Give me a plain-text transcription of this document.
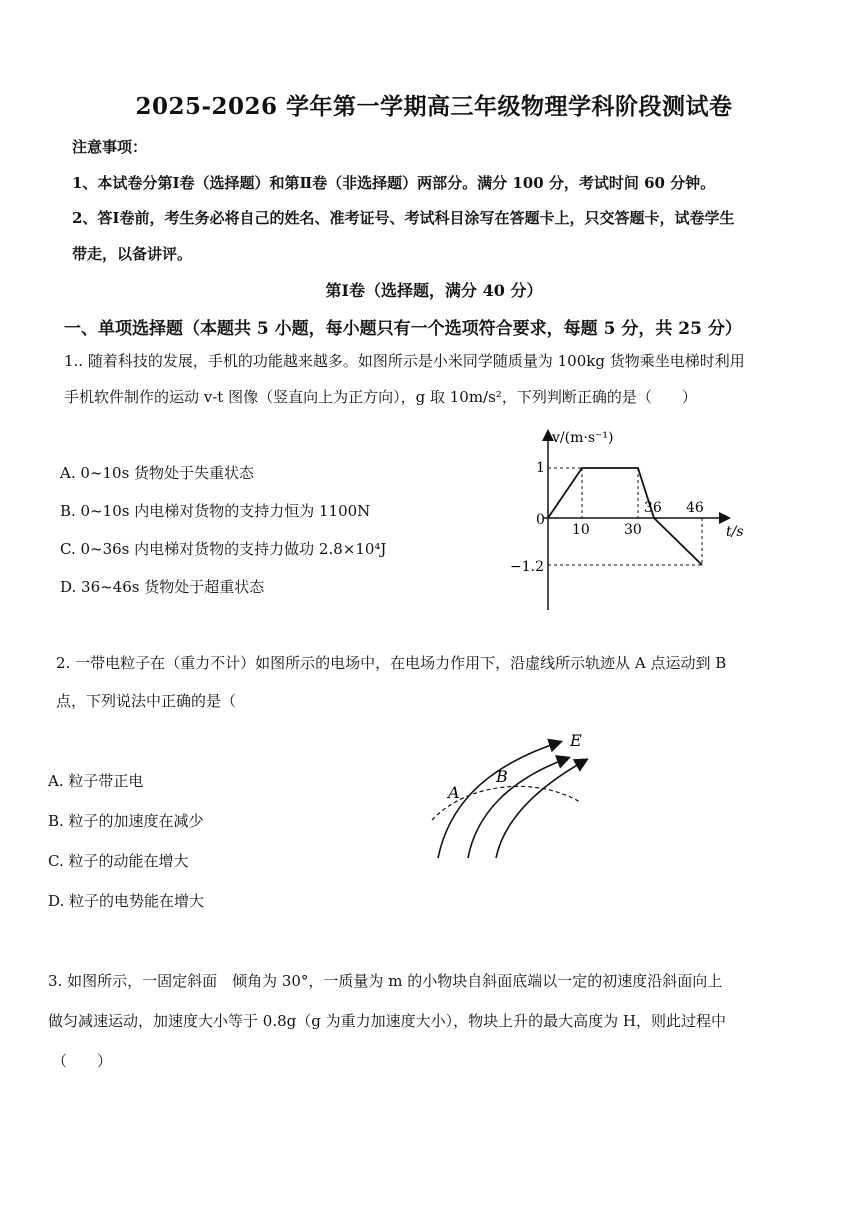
2025-2026 学年第一学期高三年级物理学科阶段测试卷
注意事项：
1、本试卷分第Ⅰ卷（选择题）和第Ⅱ卷（非选择题）两部分。满分 100 分，考试时间 60 分钟。
2、答Ⅰ卷前，考生务必将自己的姓名、准考证号、考试科目涂写在答题卡上，只交答题卡，试卷学生
带走，以备讲评。
第Ⅰ卷（选择题，满分 40 分）
一、单项选择题（本题共 5 小题，每小题只有一个选项符合要求，每题 5 分，共 25 分）
1.. 随着科技的发展，手机的功能越来越多。如图所示是小米同学随质量为 100kg 货物乘坐电梯时利用
手机软件制作的运动 v-t 图像（竖直向上为正方向），g 取 10m/s²，下列判断正确的是（　　）
A. 0~10s 货物处于失重状态
B. 0~10s 内电梯对货物的支持力恒为 1100N
C. 0~36s 内电梯对货物的支持力做功 2.8×10⁴J
D. 36~46s 货物处于超重状态
v/(m·s⁻¹)
t/s
0
1
−1.2
10 30
36 46
2. 一带电粒子在（重力不计）如图所示的电场中，在电场力作用下，沿虚线所示轨迹从 A 点运动到 B
点，下列说法中正确的是（
A. 粒子带正电
B. 粒子的加速度在减少
C. 粒子的动能在增大
D. 粒子的电势能在增大
E
A
B
3. 如图所示，一固定斜面　倾角为 30°，一质量为 m 的小物块自斜面底端以一定的初速度沿斜面向上
做匀减速运动，加速度大小等于 0.8g（g 为重力加速度大小），物块上升的最大高度为 H，则此过程中
（　　）
